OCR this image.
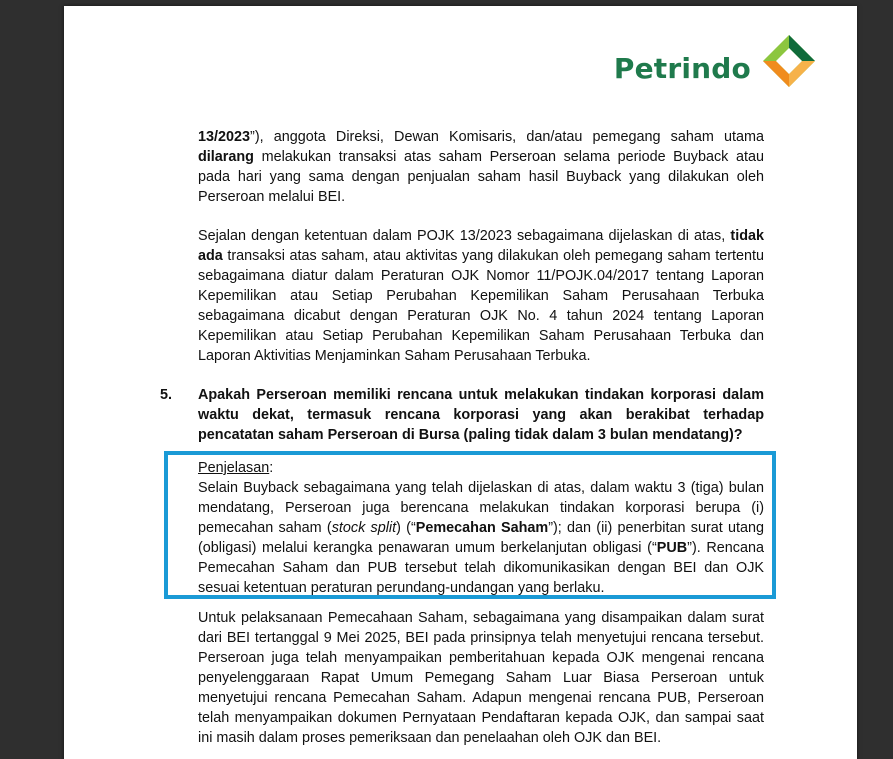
Petrindo

13/2023”), anggota Direksi, Dewan Komisaris, dan/atau pemegang saham utama dilarang melakukan transaksi atas saham Perseroan selama periode Buyback atau pada hari yang sama dengan penjualan saham hasil Buyback yang dilakukan oleh Perseroan melalui BEI.

Sejalan dengan ketentuan dalam POJK 13/2023 sebagaimana dijelaskan di atas, tidak ada transaksi atas saham, atau aktivitas yang dilakukan oleh pemegang saham tertentu sebagaimana diatur dalam Peraturan OJK Nomor 11/POJK.04/2017 tentang Laporan Kepemilikan atau Setiap Perubahan Kepemilikan Saham Perusahaan Terbuka sebagaimana dicabut dengan Peraturan OJK No. 4 tahun 2024 tentang Laporan Kepemilikan atau Setiap Perubahan Kepemilikan Saham Perusahaan Terbuka dan Laporan Aktivitias Menjaminkan Saham Perusahaan Terbuka.

5. Apakah Perseroan memiliki rencana untuk melakukan tindakan korporasi dalam waktu dekat, termasuk rencana korporasi yang akan berakibat terhadap pencatatan saham Perseroan di Bursa (paling tidak dalam 3 bulan mendatang)?
Penjelasan:
Selain Buyback sebagaimana yang telah dijelaskan di atas, dalam waktu 3 (tiga) bulan mendatang, Perseroan juga berencana melakukan tindakan korporasi berupa (i) pemecahan saham (stock split) (“Pemecahan Saham”); dan (ii) penerbitan surat utang (obligasi) melalui kerangka penawaran umum berkelanjutan obligasi (“PUB”). Rencana Pemecahan Saham dan PUB tersebut telah dikomunikasikan dengan BEI dan OJK sesuai ketentuan peraturan perundang-undangan yang berlaku.

Untuk pelaksanaan Pemecahaan Saham, sebagaimana yang disampaikan dalam surat dari BEI tertanggal 9 Mei 2025, BEI pada prinsipnya telah menyetujui rencana tersebut. Perseroan juga telah menyampaikan pemberitahuan kepada OJK mengenai rencana penyelenggaraan Rapat Umum Pemegang Saham Luar Biasa Perseroan untuk menyetujui rencana Pemecahan Saham. Adapun mengenai rencana PUB, Perseroan telah menyampaikan dokumen Pernyataan Pendaftaran kepada OJK, dan sampai saat ini masih dalam proses pemeriksaan dan penelaahan oleh OJK dan BEI.
